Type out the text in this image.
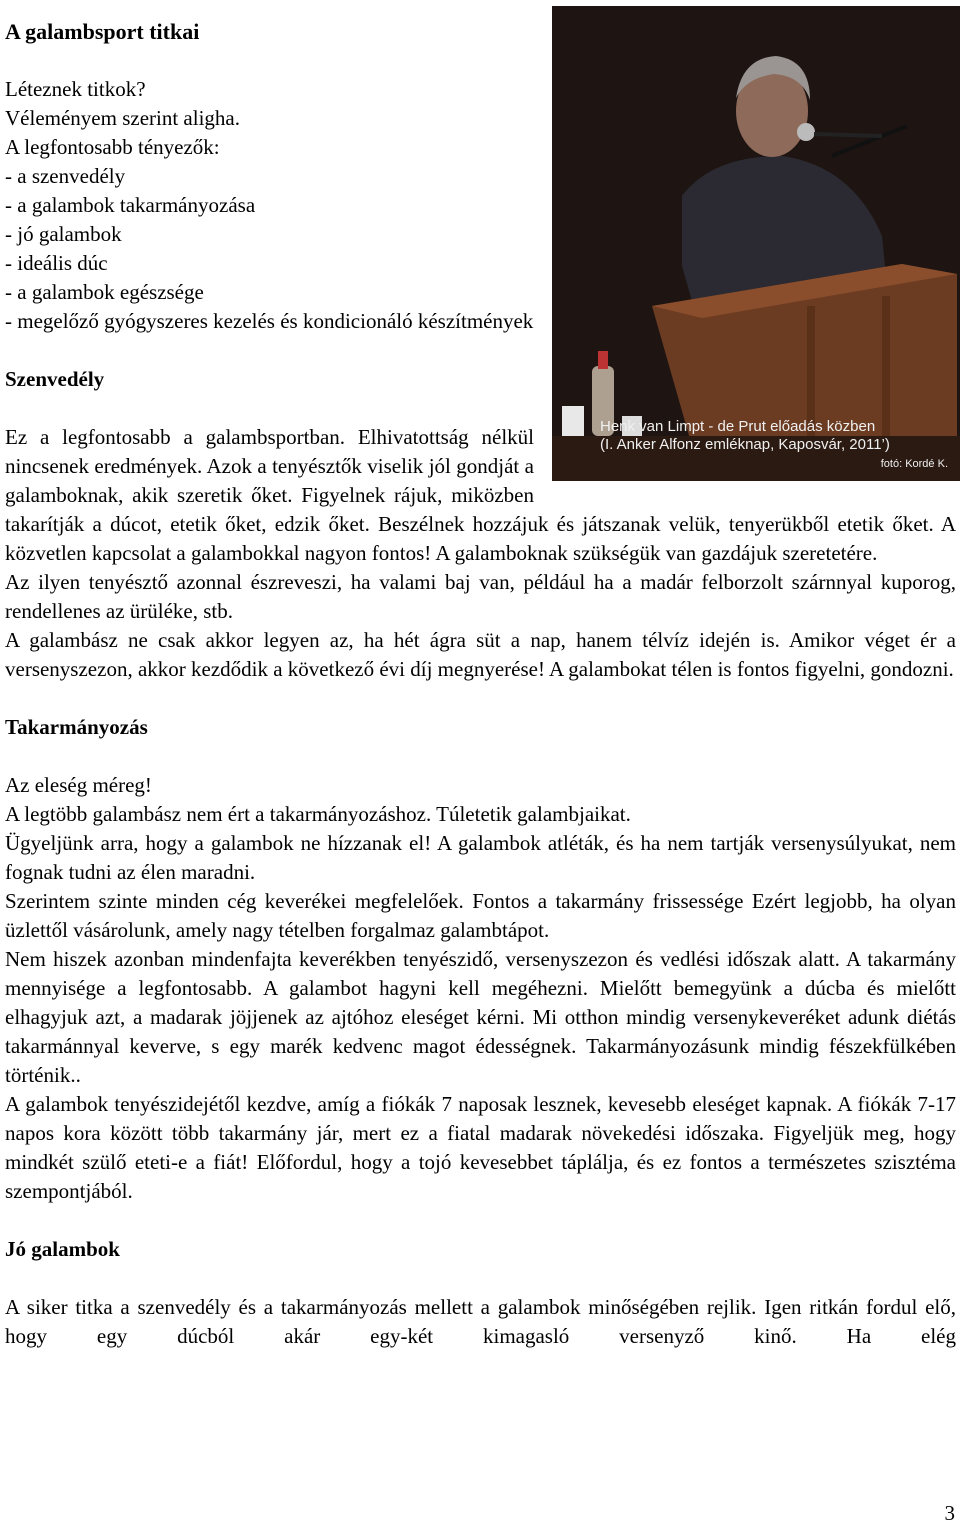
Henk van Limpt - de Prut előadás közben
(I. Anker Alfonz emléknap, Kaposvár, 2011’)
fotó: Kordé K.
A galambsport titkai

Léteznek titkok?

Véleményem szerint aligha.

A legfontosabb tényezők:

- a szenvedély

- a galambok takarmányozása

- jó galambok

- ideális dúc

- a galambok egészsége

- megelőző gyógyszeres kezelés és kondicionáló készítmények

Szenvedély

Ez a legfontosabb a galambsportban. Elhivatottság nélkül nincsenek eredmények. Azok a tenyésztők viselik jól gondját a galamboknak, akik szeretik őket. Figyelnek rájuk, miközben takarítják a dúcot, etetik őket, edzik őket. Beszélnek hozzájuk és játszanak velük, tenyerükből etetik őket. A közvetlen kapcsolat a galambokkal nagyon fontos! A galamboknak szükségük van gazdájuk szeretetére.

Az ilyen tenyésztő azonnal észreveszi, ha valami baj van, például ha a madár felborzolt szárnnyal kuporog, rendellenes az ürüléke, stb.

A galambász ne csak akkor legyen az, ha hét ágra süt a nap, hanem télvíz idején is. Amikor véget ér a versenyszezon, akkor kezdődik a következő évi díj megnyerése! A galambokat télen is fontos figyelni, gondozni.

Takarmányozás

Az eleség méreg!

A legtöbb galambász nem ért a takarmányozáshoz. Túletetik galambjaikat.

Ügyeljünk arra, hogy a galambok ne hízzanak el! A galambok atléták, és ha nem tartják versenysúlyukat, nem fognak tudni az élen maradni.

Szerintem szinte minden cég keverékei megfelelőek. Fontos a takarmány frissessége Ezért legjobb, ha olyan üzlettől vásárolunk, amely nagy tételben forgalmaz galambtápot.

Nem hiszek azonban mindenfajta keverékben tenyészidő, versenyszezon és vedlési időszak alatt. A takarmány mennyisége a legfontosabb. A galambot hagyni kell megéhezni. Mielőtt bemegyünk a dúcba és mielőtt elhagyjuk azt, a madarak jöjjenek az ajtóhoz eleséget kérni. Mi otthon mindig versenykeveréket adunk diétás takarmánnyal keverve, s egy marék kedvenc magot édességnek. Takarmányozásunk mindig fészekfülkében történik..

A galambok tenyészidejétől kezdve, amíg a fiókák 7 naposak lesznek, kevesebb eleséget kapnak. A fiókák 7-17 napos kora között több takarmány jár, mert ez a fiatal madarak növekedési időszaka. Figyeljük meg, hogy mindkét szülő eteti-e a fiát! Előfordul, hogy a tojó kevesebbet táplálja, és ez fontos a természetes szisztéma szempontjából.

Jó galambok

A siker titka a szenvedély és a takarmányozás mellett a galambok minőségében rejlik. Igen ritkán fordul elő, hogy egy dúcból akár egy-két kimagasló versenyző kinő. Ha elég

3
